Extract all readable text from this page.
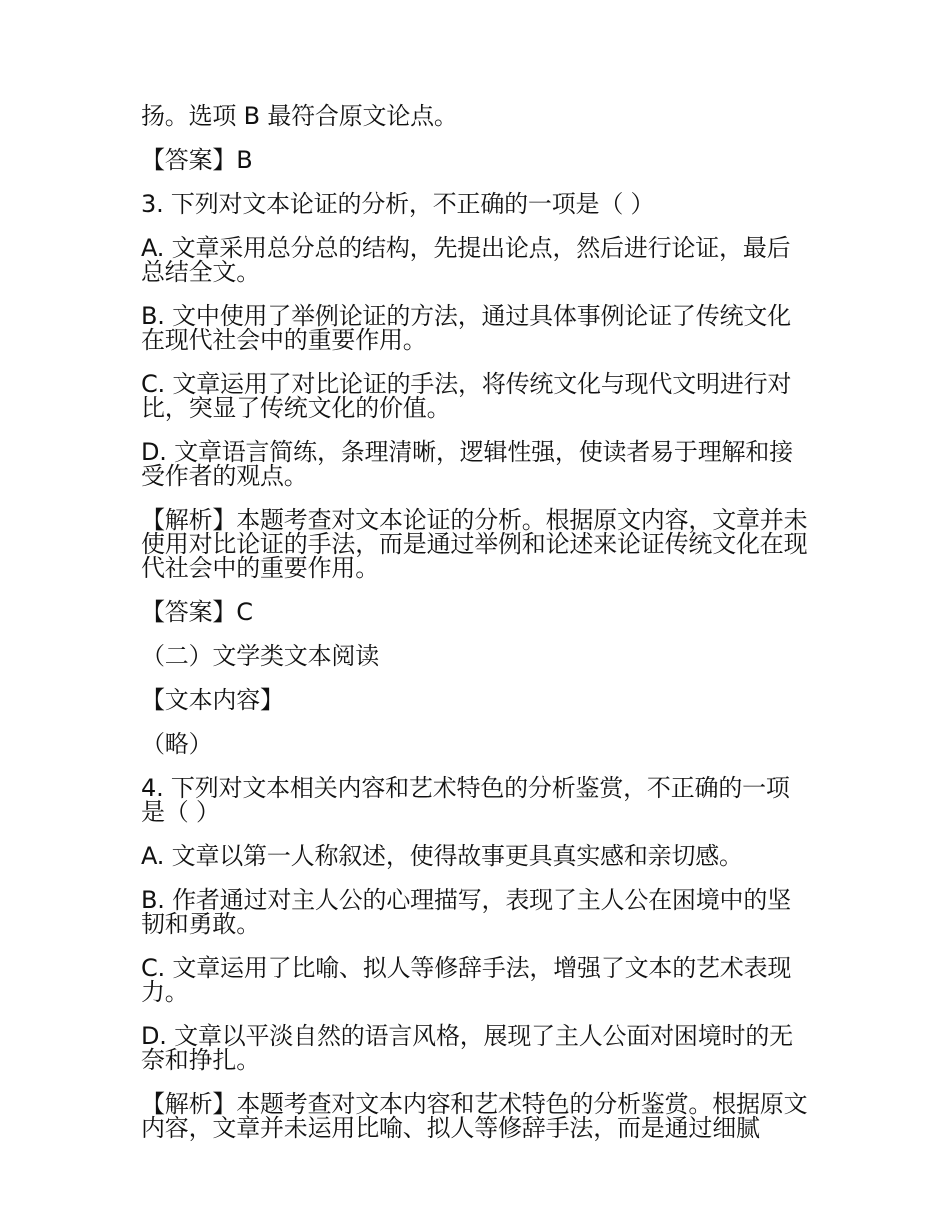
扬。选项 B 最符合原文论点。

【答案】B

3. 下列对文本论证的分析，不正确的一项是（ ）

A. 文章采用总分总的结构，先提出论点，然后进行论证，最后总结全文。

B. 文中使用了举例论证的方法，通过具体事例论证了传统文化在现代社会中的重要作用。

C. 文章运用了对比论证的手法，将传统文化与现代文明进行对比，突显了传统文化的价值。

D. 文章语言简练，条理清晰，逻辑性强，使读者易于理解和接受作者的观点。

【解析】本题考查对文本论证的分析。根据原文内容，文章并未使用对比论证的手法，而是通过举例和论述来论证传统文化在现代社会中的重要作用。

【答案】C

（二）文学类文本阅读

【文本内容】

（略）

4. 下列对文本相关内容和艺术特色的分析鉴赏，不正确的一项是（ ）

A. 文章以第一人称叙述，使得故事更具真实感和亲切感。

B. 作者通过对主人公的心理描写，表现了主人公在困境中的坚韧和勇敢。

C. 文章运用了比喻、拟人等修辞手法，增强了文本的艺术表现力。

D. 文章以平淡自然的语言风格，展现了主人公面对困境时的无奈和挣扎。

【解析】本题考查对文本内容和艺术特色的分析鉴赏。根据原文内容，文章并未运用比喻、拟人等修辞手法，而是通过细腻
